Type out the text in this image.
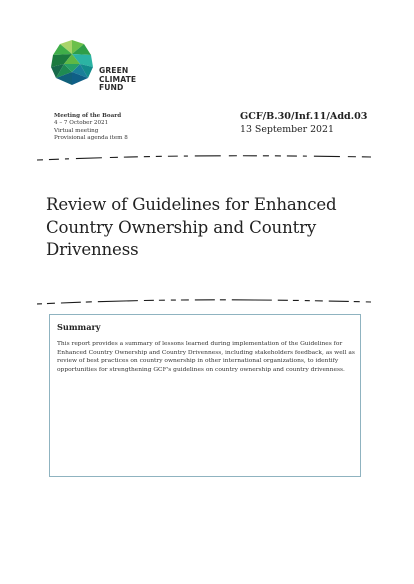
GREEN
CLIMATE
FUND
Meeting of the Board
4 – 7 October 2021
Virtual meeting
Provisional agenda item 8
GCF/B.30/Inf.11/Add.03
13 September 2021
Review of Guidelines for Enhanced Country Ownership and Country Drivenness
Summary
This report provides a summary of lessons learned during implementation of the Guidelines for Enhanced Country Ownership and Country Drivenness, including stakeholders feedback, as well as review of best practices on country ownership in other international organizations, to identify opportunities for strengthening GCF's guidelines on country ownership and country drivenness.
